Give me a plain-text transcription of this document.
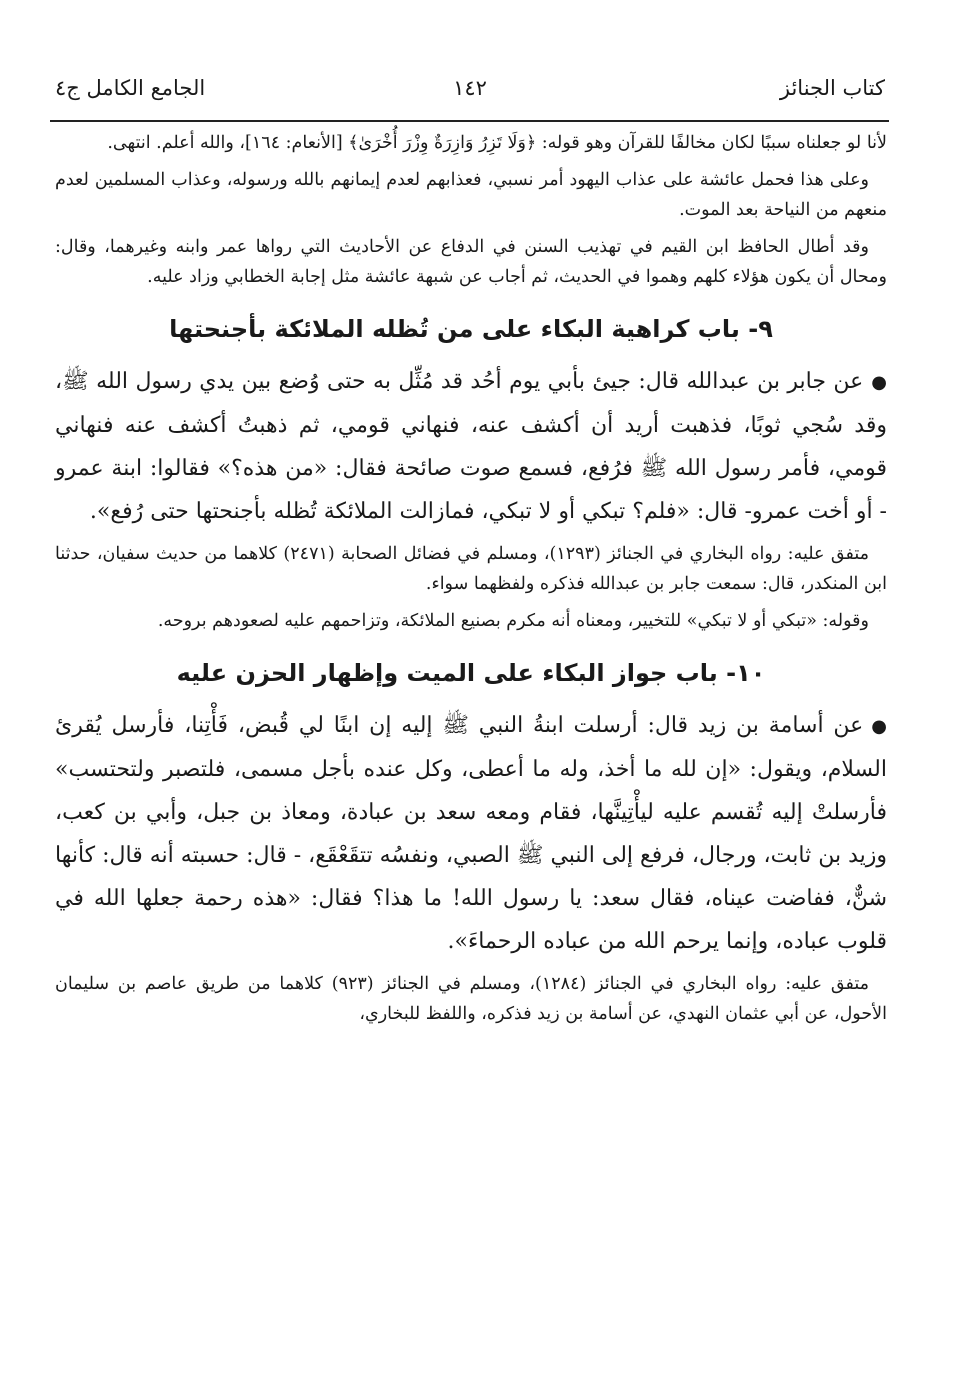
كتاب الجنائز
١٤٢
الجامع الكامل ج٤

لأنا لو جعلناه سببًا لكان مخالفًا للقرآن وهو قوله: ﴿وَلَا تَزِرُ وَازِرَةٌ وِزْرَ أُخْرَىٰ﴾ [الأنعام: ١٦٤]، والله أعلم. انتهى.

وعلى هذا فحمل عائشة على عذاب اليهود أمر نسبي، فعذابهم لعدم إيمانهم بالله ورسوله، وعذاب المسلمين لعدم منعهم من النياحة بعد الموت.

وقد أطال الحافظ ابن القيم في تهذيب السنن في الدفاع عن الأحاديث التي رواها عمر وابنه وغيرهما، وقال: ومحال أن يكون هؤلاء كلهم وهموا في الحديث، ثم أجاب عن شبهة عائشة مثل إجابة الخطابي وزاد عليه.

٩- باب كراهية البكاء على من تُظله الملائكة بأجنحتها

●عن جابر بن عبدالله قال: جيئ بأبي يوم أحُد قد مُثِّل به حتى وُضع بين يدي رسول الله ﷺ، وقد سُجي ثوبًا، فذهبت أريد أن أكشف عنه، فنهاني قومي، ثم ذهبتُ أكشف عنه فنهاني قومي، فأمر رسول الله ﷺ فرُفع، فسمع صوت صائحة فقال: «من هذه؟» فقالوا: ابنة عمرو - أو أخت عمرو- قال: «فلم؟ تبكي أو لا تبكي، فمازالت الملائكة تُظله بأجنحتها حتى رُفع».

متفق عليه: رواه البخاري في الجنائز (١٢٩٣)، ومسلم في فضائل الصحابة (٢٤٧١) كلاهما من حديث سفيان، حدثنا ابن المنكدر، قال: سمعت جابر بن عبدالله فذكره ولفظهما سواء.

وقوله: «تبكي أو لا تبكي» للتخيير، ومعناه أنه مكرم بصنيع الملائكة، وتزاحمهم عليه لصعودهم بروحه.

١٠- باب جواز البكاء على الميت وإظهار الحزن عليه

●عن أسامة بن زيد قال: أرسلت ابنةُ النبي ﷺ إليه إن ابنًا لي قُبض، فَأْتِنا، فأرسل يُقرئ السلام، ويقول: «إن لله ما أخذ، وله ما أعطى، وكل عنده بأجل مسمى، فلتصبر ولتحتسب» فأرسلتْ إليه تُقسم عليه ليأْتِينَّها، فقام ومعه سعد بن عبادة، ومعاذ بن جبل، وأبي بن كعب، وزيد بن ثابت، ورجال، فرفع إلى النبي ﷺ الصبي، ونفسُه تتقَعْقَع، - قال: حسبته أنه قال: كأنها شنٌّ، ففاضت عيناه، فقال سعد: يا رسول الله! ما هذا؟ فقال: «هذه رحمة جعلها الله في قلوب عباده، وإنما يرحم الله من عباده الرحماءَ».

متفق عليه: رواه البخاري في الجنائز (١٢٨٤)، ومسلم في الجنائز (٩٢٣) كلاهما من طريق عاصم بن سليمان الأحول، عن أبي عثمان النهدي، عن أسامة بن زيد فذكره، واللفظ للبخاري،
